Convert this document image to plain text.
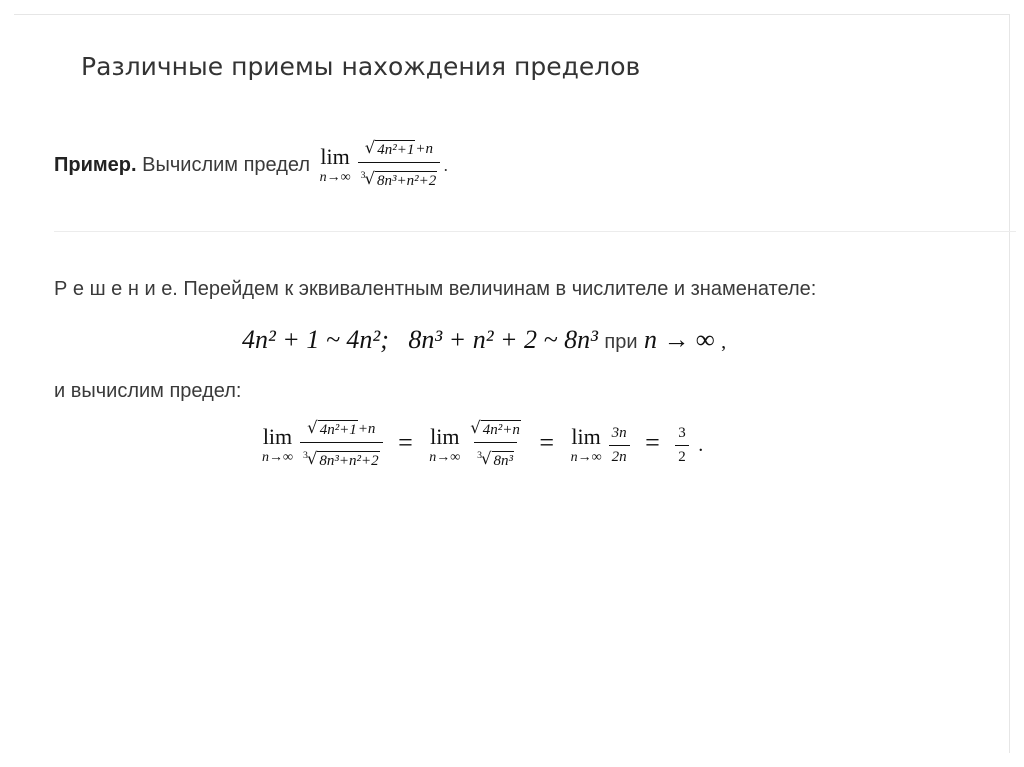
Различные приемы нахождения пределов
Пример. Вычислим предел lim
$n\to\infty \frac{\text{√ 4n²+1 +n}}{\text{3 √ 8n³+n²+2}}$ .
Р е ш е н и е. Перейдем к эквивалентным величинам в числителе и знаменателе:
4n² + 1 ~ 4n²; 8n³ + n² + 2 ~ 8n³ при n → ∞ ,
и вычислим предел:
lim
$n\to\infty \frac{\text{√ 4n²+1 +n}}{\text{3 √ 8n³+n²+2}} = \lim$
$n\to\infty \frac{\text{√ 4n²+n}}{\text{3 √ 8n³}} = \lim$
$n\to\infty \frac{3n}{2n} = \frac{3}{2}$ .
